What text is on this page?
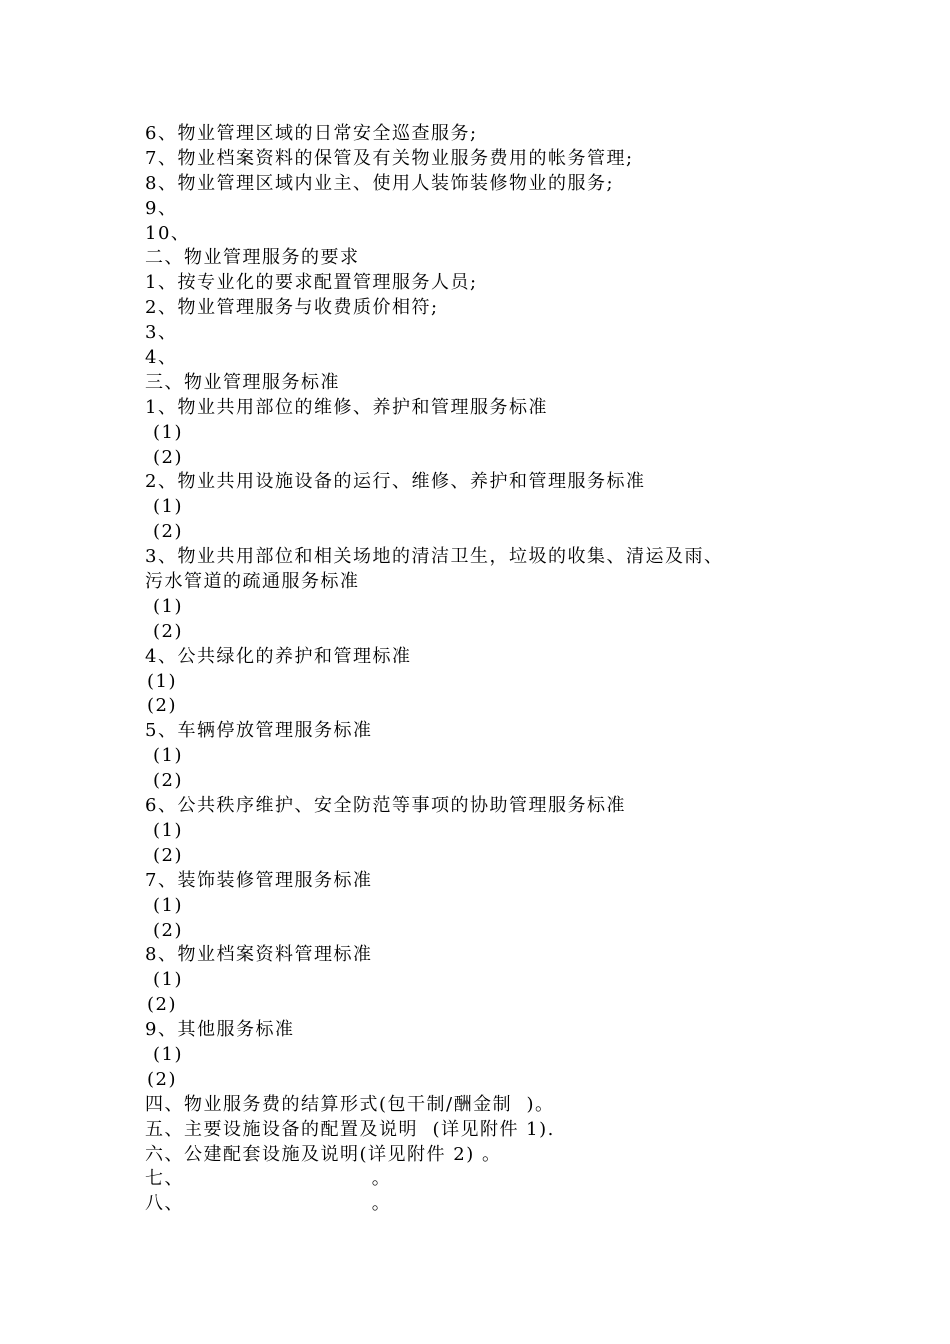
6、物业管理区域的日常安全巡查服务;
7、物业档案资料的保管及有关物业服务费用的帐务管理;
8、物业管理区域内业主、使用人装饰装修物业的服务;
9、
10、
二、物业管理服务的要求
1、按专业化的要求配置管理服务人员;
2、物业管理服务与收费质价相符;
3、
4、
三、物业管理服务标准
1、物业共用部位的维修、养护和管理服务标准
(1)
(2)
2、物业共用设施设备的运行、维修、养护和管理服务标准
(1)
(2)
3、物业共用部位和相关场地的清洁卫生，垃圾的收集、清运及雨、
污水管道的疏通服务标准
(1)
(2)
4、公共绿化的养护和管理标准
(1)
(2)
5、车辆停放管理服务标准
(1)
(2)
6、公共秩序维护、安全防范等事项的协助管理服务标准
(1)
(2)
7、装饰装修管理服务标准
(1)
(2)
8、物业档案资料管理标准
(1)
(2)
9、其他服务标准
(1)
(2)
四、物业服务费的结算形式(包干制/酬金制  )。
五、主要设施设备的配置及说明  (详见附件 1).
六、公建配套设施及说明(详见附件 2) 。
七、                          。
八、                          。
